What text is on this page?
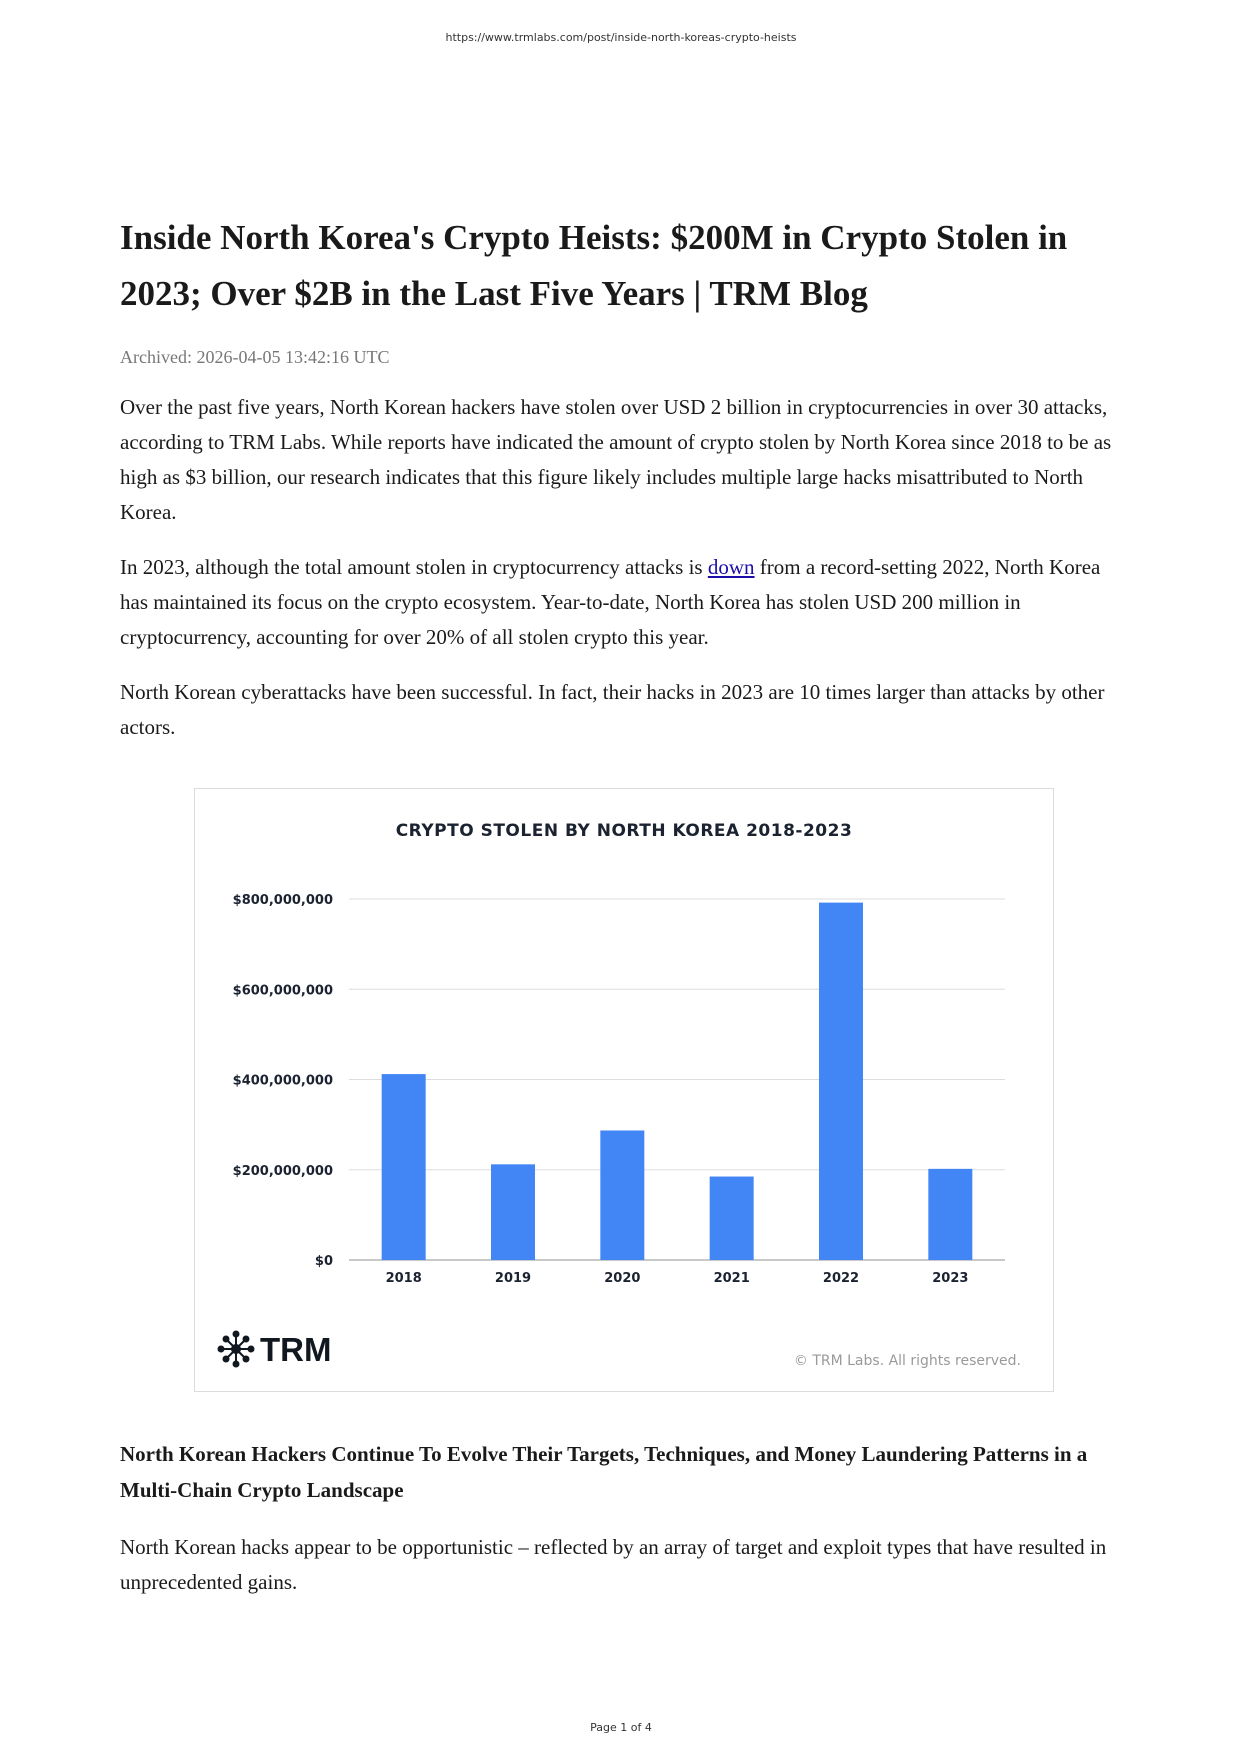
https://www.trmlabs.com/post/inside-north-koreas-crypto-heists
Inside North Korea's Crypto Heists: $200M in Crypto Stolen in 2023; Over $2B in the Last Five Years | TRM Blog
Archived: 2026-04-05 13:42:16 UTC

Over the past five years, North Korean hackers have stolen over USD 2 billion in cryptocurrencies in over 30 attacks, according to TRM Labs. While reports have indicated the amount of crypto stolen by North Korea since 2018 to be as high as $3 billion, our research indicates that this figure likely includes multiple large hacks misattributed to North Korea.

In 2023, although the total amount stolen in cryptocurrency attacks is down from a record-setting 2022, North Korea has maintained its focus on the crypto ecosystem. Year-to-date, North Korea has stolen USD 200 million in cryptocurrency, accounting for over 20% of all stolen crypto this year.

North Korean cyberattacks have been successful. In fact, their hacks in 2023 are 10 times larger than attacks by other actors.

CRYPTO STOLEN BY NORTH KOREA 2018-2023
$0
$200,000,000
$400,000,000
$600,000,000
$800,000,000
2018	2019	2020	2021	2022	2023
TRM	© TRM Labs. All rights reserved.
North Korean Hackers Continue To Evolve Their Targets, Techniques, and Money Laundering Patterns in a Multi-Chain Crypto Landscape

North Korean hacks appear to be opportunistic – reflected by an array of target and exploit types that have resulted in unprecedented gains.

Page 1 of 4
